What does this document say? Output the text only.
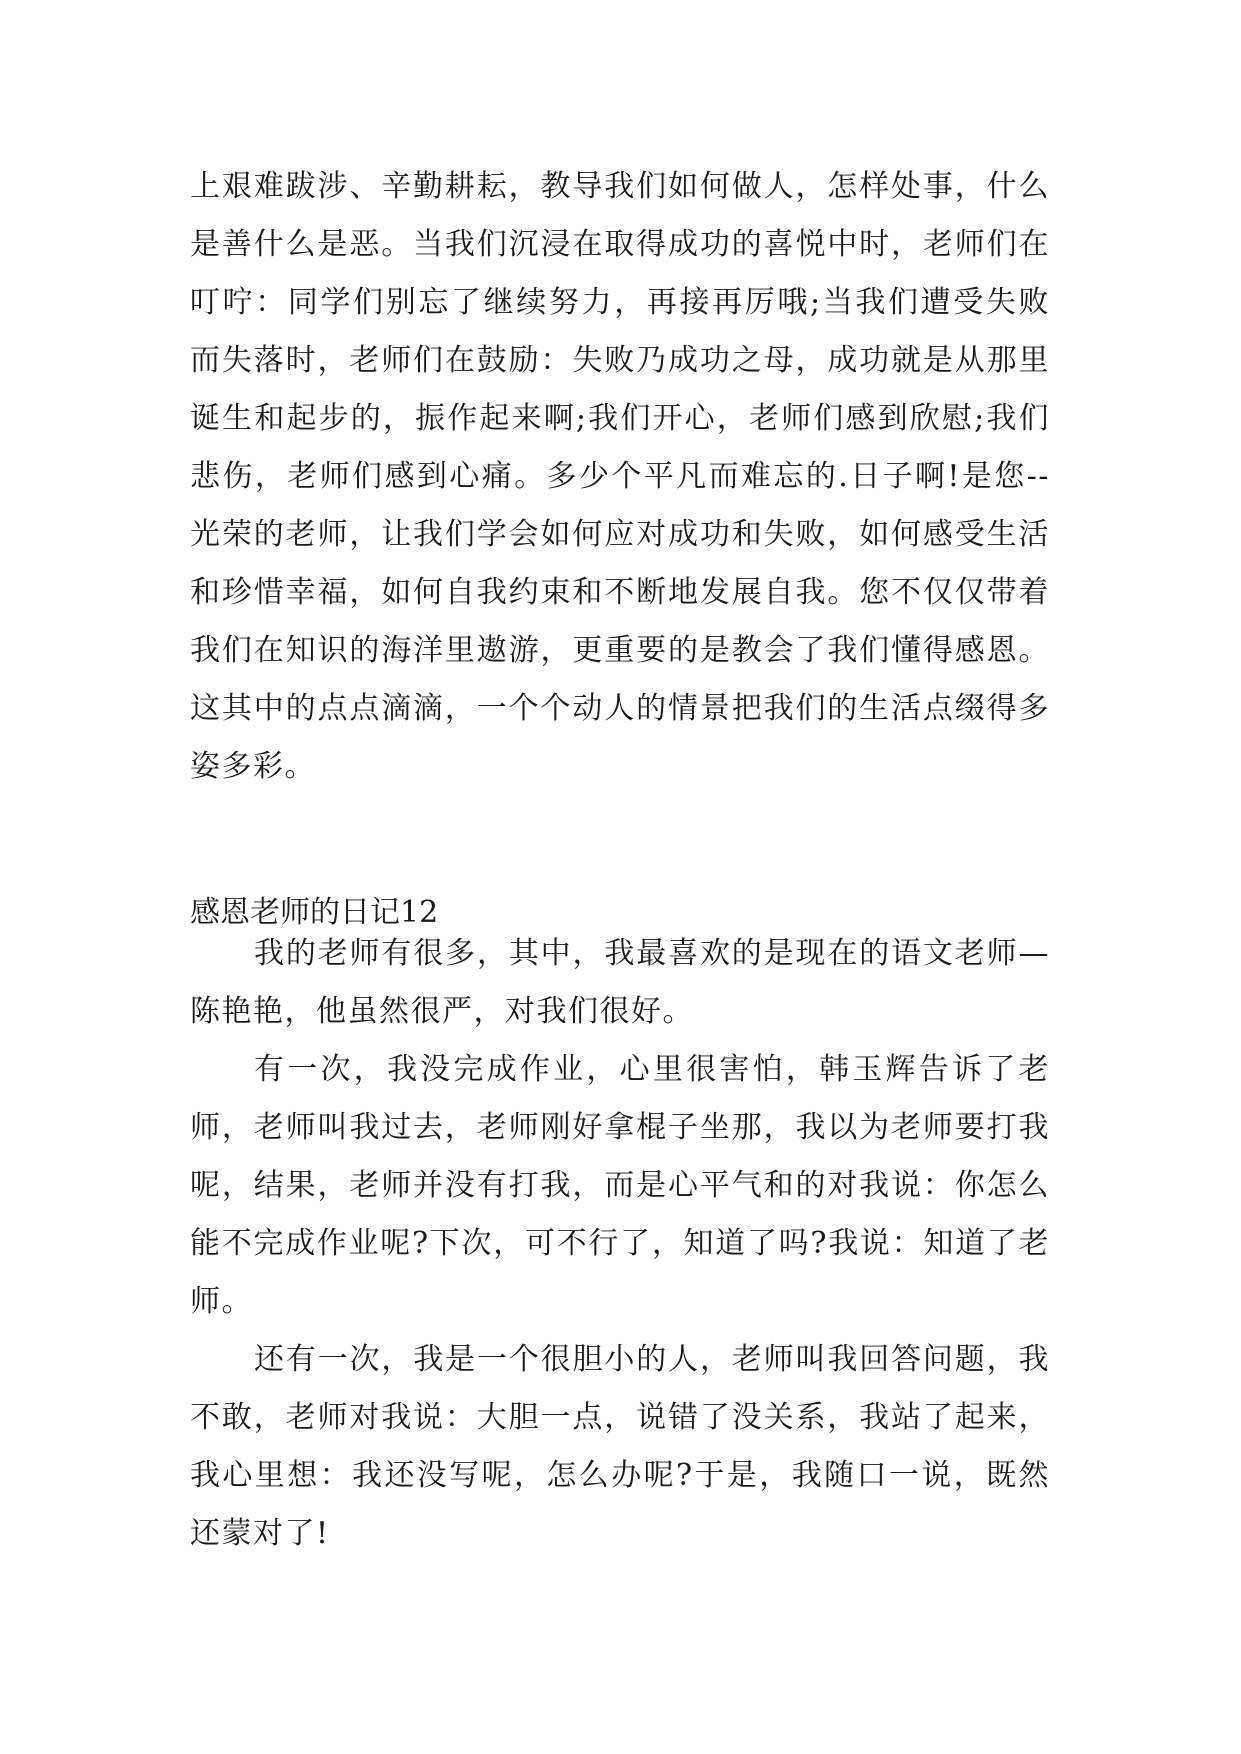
上艰难跋涉、辛勤耕耘，教导我们如何做人，怎样处事，什么是善什么是恶。当我们沉浸在取得成功的喜悦中时，老师们在叮咛：同学们别忘了继续努力，再接再厉哦;当我们遭受失败而失落时，老师们在鼓励：失败乃成功之母，成功就是从那里诞生和起步的，振作起来啊;我们开心，老师们感到欣慰;我们悲伤，老师们感到心痛。多少个平凡而难忘的.日子啊!是您--光荣的老师，让我们学会如何应对成功和失败，如何感受生活和珍惜幸福，如何自我约束和不断地发展自我。您不仅仅带着我们在知识的海洋里遨游，更重要的是教会了我们懂得感恩。这其中的点点滴滴，一个个动人的情景把我们的生活点缀得多姿多彩。

感恩老师的日记12

我的老师有很多，其中，我最喜欢的是现在的语文老师—陈艳艳，他虽然很严，对我们很好。

有一次，我没完成作业，心里很害怕，韩玉辉告诉了老师，老师叫我过去，老师刚好拿棍子坐那，我以为老师要打我呢，结果，老师并没有打我，而是心平气和的对我说：你怎么能不完成作业呢?下次，可不行了，知道了吗?我说：知道了老师。

还有一次，我是一个很胆小的人，老师叫我回答问题，我不敢，老师对我说：大胆一点，说错了没关系，我站了起来，我心里想：我还没写呢，怎么办呢?于是，我随口一说，既然还蒙对了!
